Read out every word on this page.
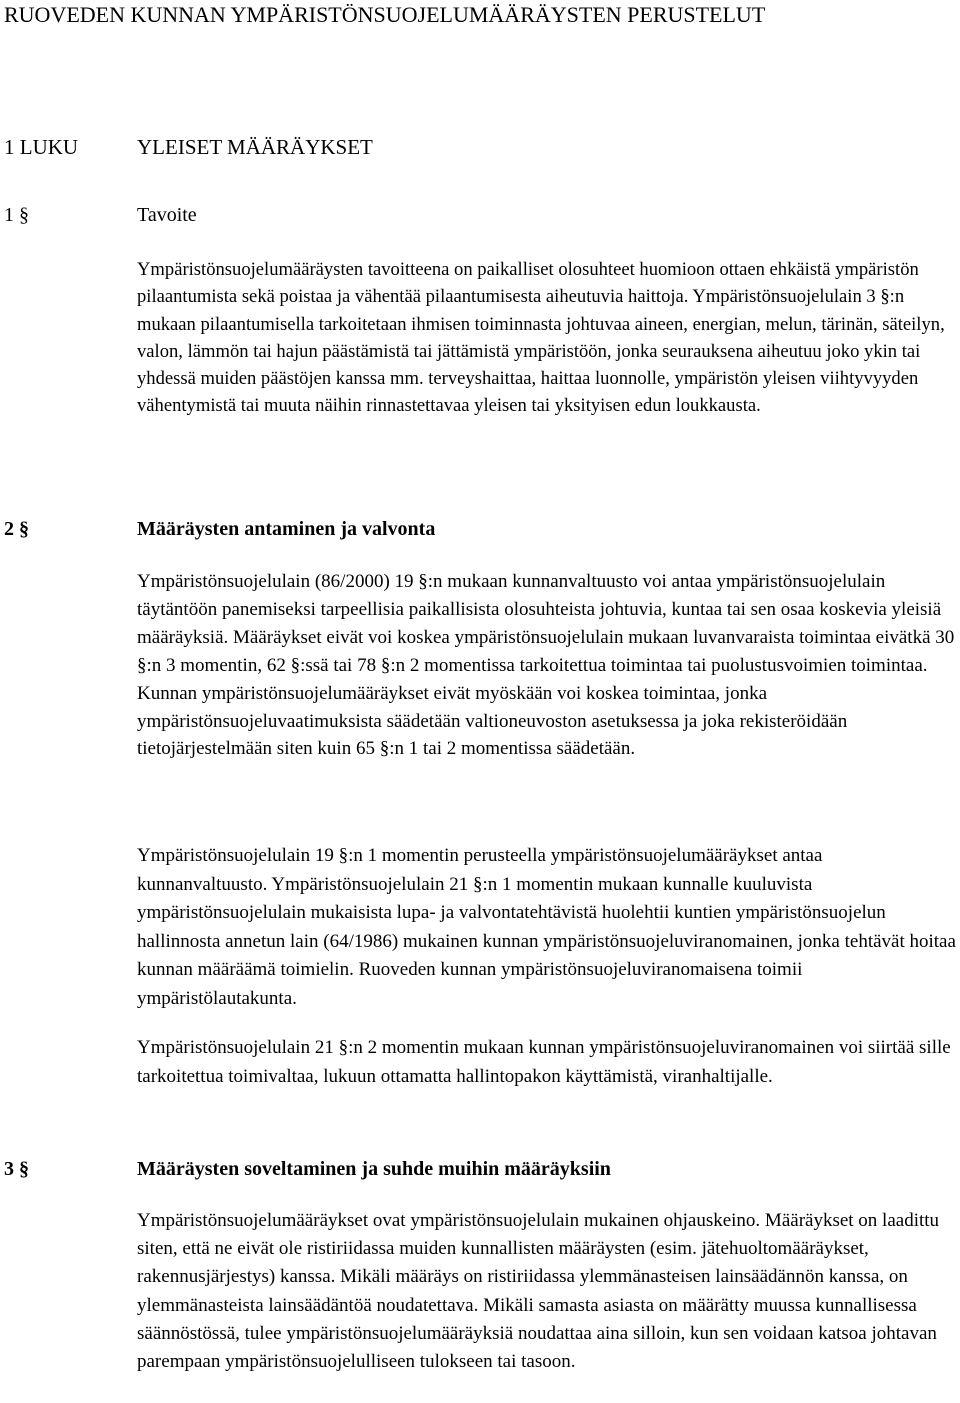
RUOVEDEN KUNNAN YMPÄRISTÖNSUOJELUMÄÄRÄYSTEN PERUSTELUT
1 LUKU	YLEISET MÄÄRÄYKSET
1 §	Tavoite

Ympäristönsuojelumääräysten tavoitteena on paikalliset olosuhteet huomioon ottaen ehkäistä ympäristön pilaantumista sekä poistaa ja vähentää pilaantumisesta aiheutuvia haittoja. Ympäristönsuojelulain 3 §:n mukaan pilaantumisella tarkoitetaan ihmisen toiminnasta johtuvaa aineen, energian, melun, tärinän, säteilyn, valon, lämmön tai hajun päästämistä tai jättämistä ympäristöön, jonka seurauksena aiheutuu joko ykin tai yhdessä muiden päästöjen kanssa mm. terveyshaittaa, haittaa luonnolle, ympäristön yleisen viihtyvyyden vähentymistä tai muuta näihin rinnastettavaa yleisen tai yksityisen edun loukkausta.

2 §	Määräysten antaminen ja valvonta

Ympäristönsuojelulain (86/2000) 19 §:n mukaan kunnanvaltuusto voi antaa ympäristönsuojelulain täytäntöön panemiseksi tarpeellisia paikallisista olosuhteista johtuvia, kuntaa tai sen osaa koskevia yleisiä määräyksiä. Määräykset eivät voi koskea ympäristönsuojelulain mukaan luvanvaraista toimintaa eivätkä 30 §:n 3 momentin, 62 §:ssä tai 78 §:n 2 momentissa tarkoitettua toimintaa tai puolustusvoimien toimintaa. Kunnan ympäristönsuojelumääräykset eivät myöskään voi koskea toimintaa, jonka ympäristönsuojeluvaatimuksista säädetään valtioneuvoston asetuksessa ja joka rekisteröidään tietojärjestelmään siten kuin 65 §:n 1 tai 2 momentissa säädetään.

Ympäristönsuojelulain 19 §:n 1 momentin perusteella ympäristönsuojelumääräykset antaa kunnanvaltuusto. Ympäristönsuojelulain 21 §:n 1 momentin mukaan kunnalle kuuluvista ympäristönsuojelulain mukaisista lupa- ja valvontatehtävistä huolehtii kuntien ympäristönsuojelun hallinnosta annetun lain (64/1986) mukainen kunnan ympäristönsuojeluviranomainen, jonka tehtävät hoitaa kunnan määräämä toimielin. Ruoveden kunnan ympäristönsuojeluviranomaisena toimii ympäristölautakunta.

Ympäristönsuojelulain 21 §:n 2 momentin mukaan kunnan ympäristönsuojeluviranomainen voi siirtää sille tarkoitettua toimivaltaa, lukuun ottamatta hallintopakon käyttämistä, viranhaltijalle.

3 §	Määräysten soveltaminen ja suhde muihin määräyksiin

Ympäristönsuojelumääräykset ovat ympäristönsuojelulain mukainen ohjauskeino. Määräykset on laadittu siten, että ne eivät ole ristiriidassa muiden kunnallisten määräysten (esim. jätehuoltomääräykset, rakennusjärjestys) kanssa. Mikäli määräys on ristiriidassa ylemmänasteisen lainsäädännön kanssa, on ylemmänasteista lainsäädäntöä noudatettava. Mikäli samasta asiasta on määrätty muussa kunnallisessa säännöstössä, tulee ympäristönsuojelumääräyksiä noudattaa aina silloin, kun sen voidaan katsoa johtavan parempaan ympäristönsuojelulliseen tulokseen tai tasoon.
